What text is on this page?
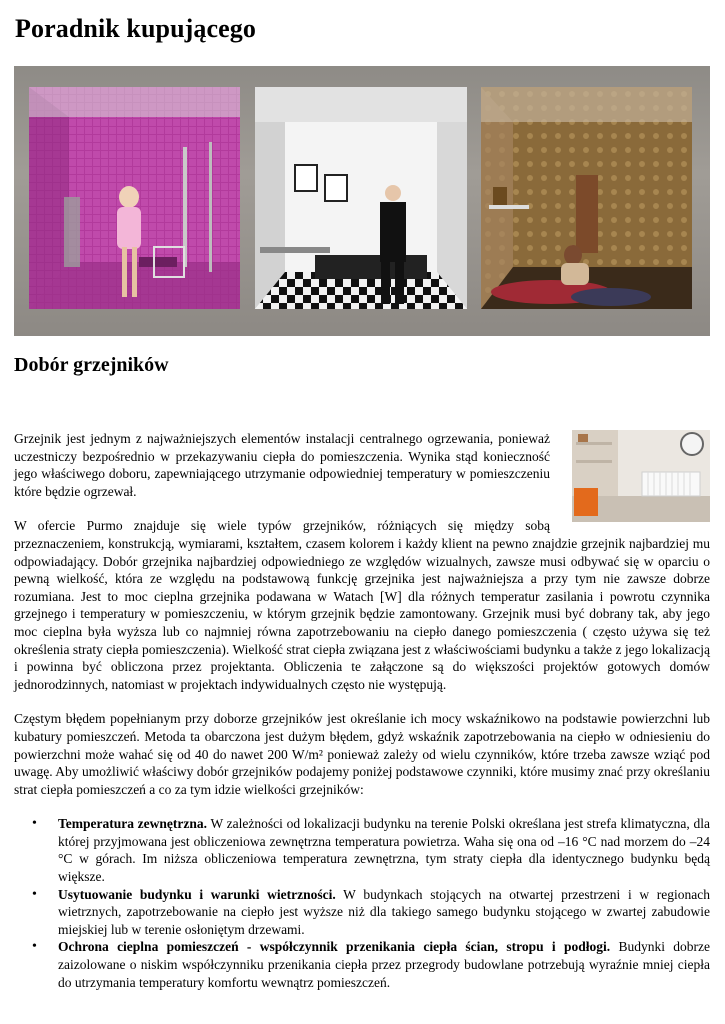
Poradnik kupującego
Dobór grzejników

Grzejnik jest jednym z najważniejszych elementów instalacji centralnego ogrzewania, ponieważ uczestniczy bezpośrednio w przekazywaniu ciepła do pomieszczenia. Wynika stąd konieczność jego właściwego doboru, zapewniającego utrzymanie odpowiedniej temperatury w pomieszczeniu które będzie ogrzewał.

W ofercie Purmo znajduje się wiele typów grzejników, różniących się między sobą przeznaczeniem, konstrukcją, wymiarami, kształtem, czasem kolorem i każdy klient na pewno znajdzie grzejnik najbardziej mu odpowiadający. Dobór grzejnika najbardziej odpowiedniego ze względów wizualnych, zawsze musi odbywać się w oparciu o pewną wielkość, która ze względu na podstawową funkcję grzejnika jest najważniejsza a przy tym nie zawsze dobrze rozumiana. Jest to moc cieplna grzejnika podawana w Watach [W] dla różnych temperatur zasilania i powrotu czynnika grzejnego i temperatury w pomieszczeniu, w którym grzejnik będzie zamontowany. Grzejnik musi być dobrany tak, aby jego moc cieplna była wyższa lub co najmniej równa zapotrzebowaniu na ciepło danego pomieszczenia ( często używa się też określenia straty ciepła pomieszczenia). Wielkość strat ciepła związana jest z właściwościami budynku a także z jego lokalizacją i powinna być obliczona przez projektanta. Obliczenia te załączone są do większości projektów gotowych domów jednorodzinnych, natomiast w projektach indywidualnych często nie występują.

Częstym błędem popełnianym przy doborze grzejników jest określanie ich mocy wskaźnikowo na podstawie powierzchni lub kubatury pomieszczeń. Metoda ta obarczona jest dużym błędem, gdyż wskaźnik zapotrzebowania na ciepło w odniesieniu do powierzchni może wahać się od 40 do nawet 200 W/m² ponieważ zależy od wielu czynników, które trzeba zawsze wziąć pod uwagę. Aby umożliwić właściwy dobór grzejników podajemy poniżej podstawowe czynniki, które musimy znać przy określaniu strat ciepła pomieszczeń a co za tym idzie wielkości grzejników:

• Temperatura zewnętrzna. W zależności od lokalizacji budynku na terenie Polski określana jest strefa klimatyczna, dla której przyjmowana jest obliczeniowa zewnętrzna temperatura powietrza. Waha się ona od –16 °C nad morzem do –24 °C w górach. Im niższa obliczeniowa temperatura zewnętrzna, tym straty ciepła dla identycznego budynku będą większe.
• Usytuowanie budynku i warunki wietrzności. W budynkach stojących na otwartej przestrzeni i w regionach wietrznych, zapotrzebowanie na ciepło jest wyższe niż dla takiego samego budynku stojącego w zwartej zabudowie miejskiej lub w terenie osłoniętym drzewami.
• Ochrona cieplna pomieszczeń - współczynnik przenikania ciepła ścian, stropu i podłogi. Budynki dobrze zaizolowane o niskim współczynniku przenikania ciepła przez przegrody budowlane potrzebują wyraźnie mniej ciepła do utrzymania temperatury komfortu wewnątrz pomieszczeń.
